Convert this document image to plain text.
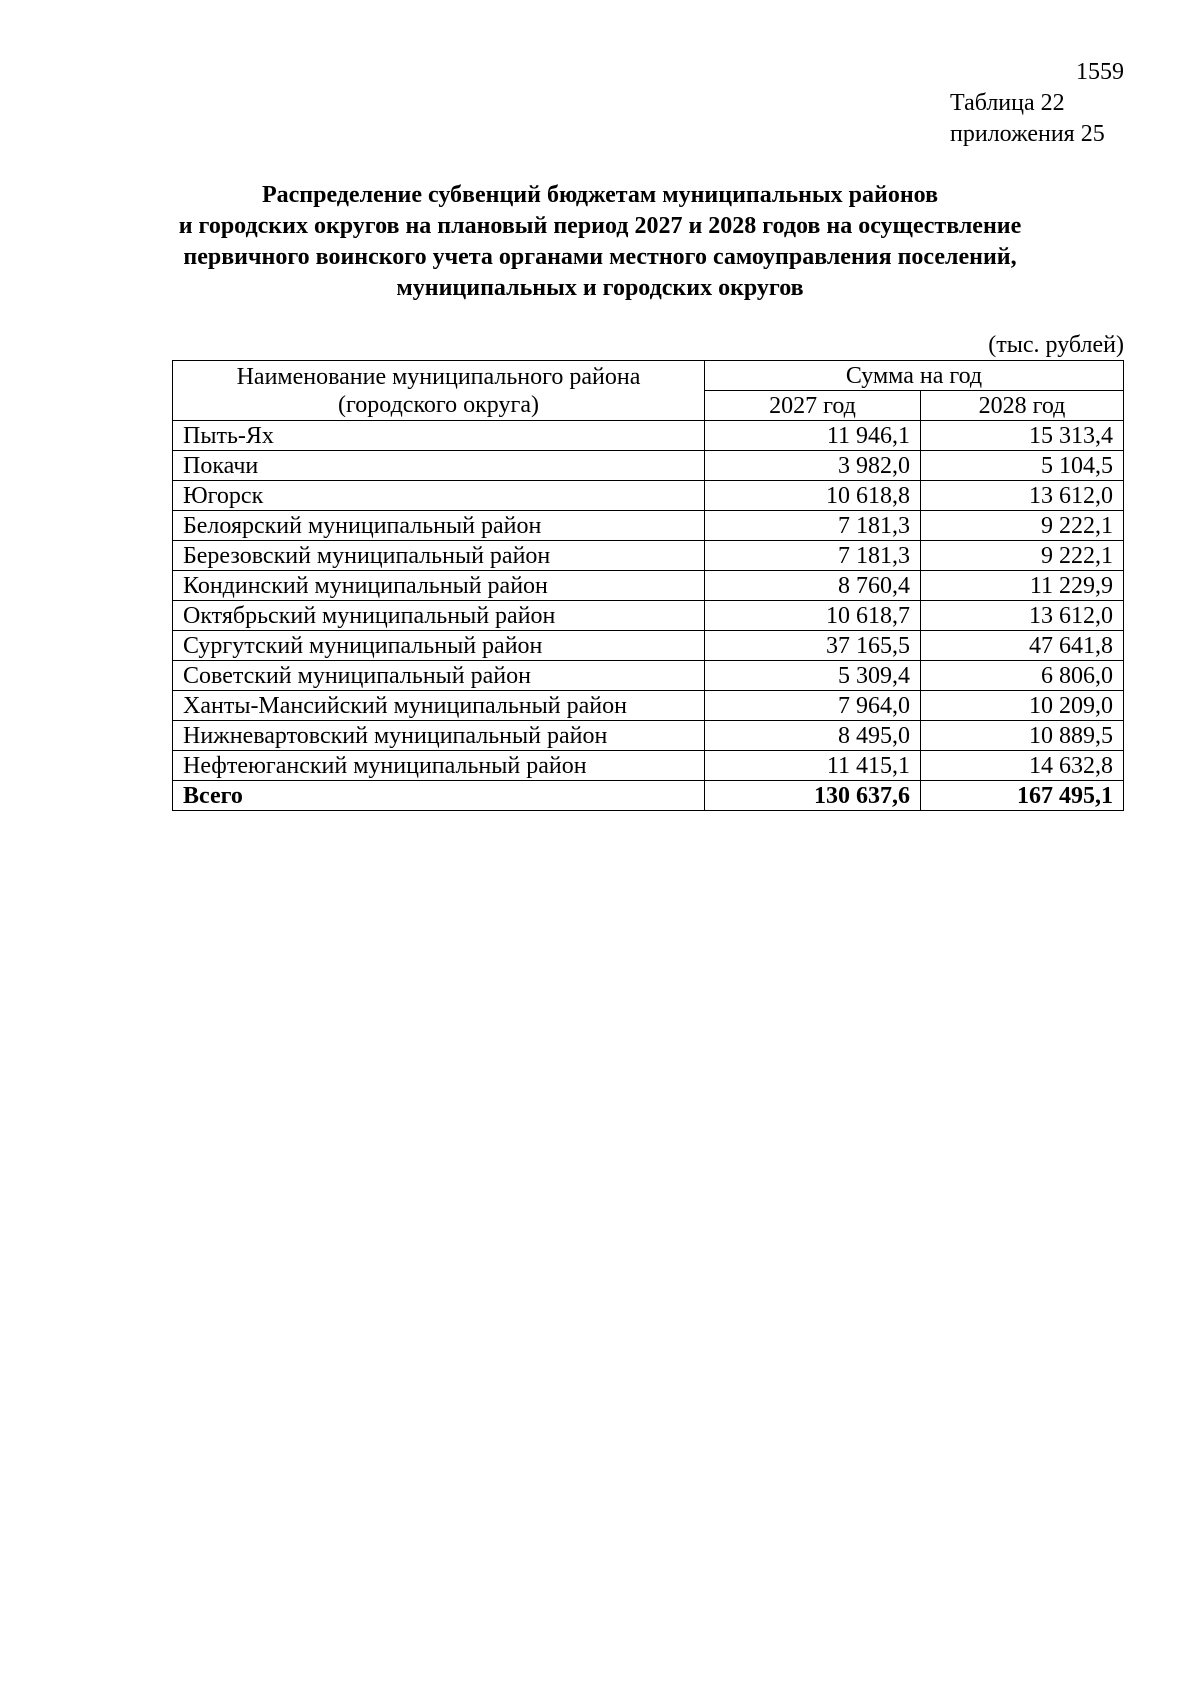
1559
Таблица 22
приложения 25
Распределение субвенций бюджетам муниципальных районов
и городских округов на плановый период 2027 и 2028 годов на осуществление
первичного воинского учета органами местного самоуправления поселений,
муниципальных и городских округов
(тыс. рублей)
Наименование муниципального района
(городского округа)	Сумма на год	
	2027 год	2028 год
Пыть-Ях	11 946,1	15 313,4
Покачи	3 982,0	5 104,5
Югорск	10 618,8	13 612,0
Белоярский муниципальный район	7 181,3	9 222,1
Березовский муниципальный район	7 181,3	9 222,1
Кондинский муниципальный район	8 760,4	11 229,9
Октябрьский муниципальный район	10 618,7	13 612,0
Сургутский муниципальный район	37 165,5	47 641,8
Советский муниципальный район	5 309,4	6 806,0
Ханты-Мансийский муниципальный район	7 964,0	10 209,0
Нижневартовский муниципальный район	8 495,0	10 889,5
Нефтеюганский муниципальный район	11 415,1	14 632,8
Всего	130 637,6	167 495,1
